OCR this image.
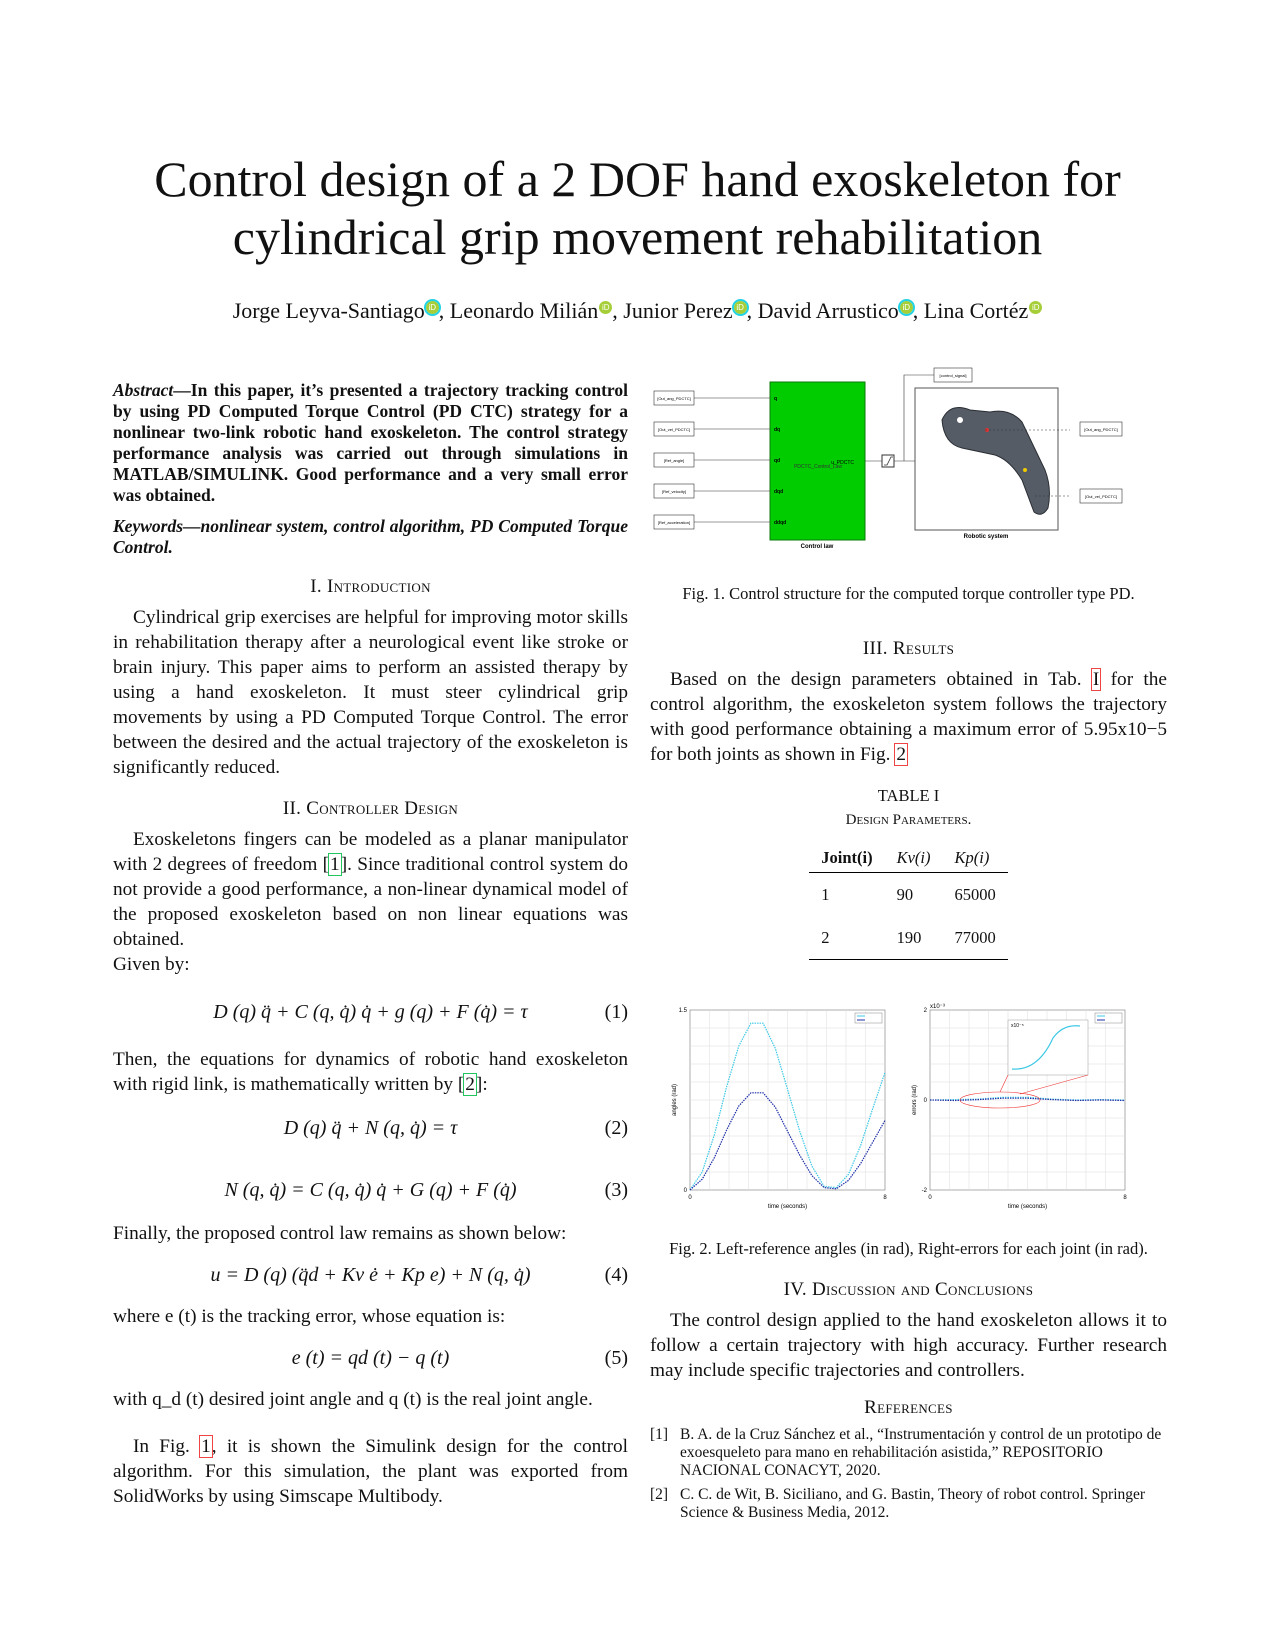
Control design of a 2 DOF hand exoskeleton for cylindrical grip movement rehabilitation
Jorge Leyva-Santiago iD , Leonardo Milián iD , Junior Perez iD , David Arrustico iD , Lina Cortéz iD
Abstract—In this paper, it’s presented a trajectory tracking control by using PD Computed Torque Control (PD CTC) strategy for a nonlinear two-link robotic hand exoskeleton. The control strategy performance analysis was carried out through simulations in MATLAB/SIMULINK. Good performance and a very small error was obtained.
Keywords—nonlinear system, control algorithm, PD Computed Torque Control.
I. Introduction

Cylindrical grip exercises are helpful for improving motor skills in rehabilitation therapy after a neurological event like stroke or brain injury. This paper aims to perform an assisted therapy by using a hand exoskeleton. It must steer cylindrical grip movements by using a PD Computed Torque Control. The error between the desired and the actual trajectory of the exoskeleton is significantly reduced.

II. Controller Design

Exoskeletons fingers can be modeled as a planar manipulator with 2 degrees of freedom [1]. Since traditional control system do not provide a good performance, a non-linear dynamical model of the proposed exoskeleton based on non linear equations was obtained.

Given by:

D (q) q̈ + C (q, q̇) q̇ + g (q) + F (q̇) = τ	(1)

Then, the equations for dynamics of robotic hand exoskeleton with rigid link, is mathematically written by [2]:

D (q) q̈ + N (q, q̇) = τ	(2)
N (q, q̇) = C (q, q̇) q̇ + G (q) + F (q̇)	(3)

Finally, the proposed control law remains as shown below:

u = D (q) (q̈d + Kv ė + Kp e) + N (q, q̇)	(4)

where e (t) is the tracking error, whose equation is:

e (t) = qd (t) − q (t)	(5)

with q_d (t) desired joint angle and q (t) is the real joint angle.

In Fig. 1, it is shown the Simulink design for the control algorithm. For this simulation, the plant was exported from SolidWorks by using Simscape Multibody.

PDCTC_Control_Law
u_PDCTC
Control law
[Out_ang_PDCTC]	q
[Out_vel_PDCTC]	dq
[Ref_angle]	qd
[Ref_velocity]	dqd
[Ref_acceleration]	ddqd
[control_signal]
Robotic system
[Out_ang_PDCTC]
[Out_vel_PDCTC]
Fig. 1. Control structure for the computed torque controller type PD.
III. Results

Based on the design parameters obtained in Tab. I for the control algorithm, the exoskeleton system follows the trajectory with good performance obtaining a maximum error of 5.95x10−5 for both joints as shown in Fig. 2

TABLE I
Design Parameters.
Joint(i)	Kv(i)	Kp(i)
1	90	65000
2	190	77000
0	8
0
1.5
time (seconds)
angles (rad)
0	8
-2
0
2
time (seconds)
errors (rad)
x10⁻³
x10⁻⁵
Fig. 2. Left-reference angles (in rad), Right-errors for each joint (in rad).
IV. Discussion and Conclusions

The control design applied to the hand exoskeleton allows it to follow a certain trajectory with high accuracy. Further research may include specific trajectories and controllers.

References
[1] B. A. de la Cruz Sánchez et al., “Instrumentación y control de un prototipo de exoesqueleto para mano en rehabilitación asistida,” REPOSITORIO NACIONAL CONACYT, 2020.
[2] C. C. de Wit, B. Siciliano, and G. Bastin, Theory of robot control. Springer Science & Business Media, 2012.
